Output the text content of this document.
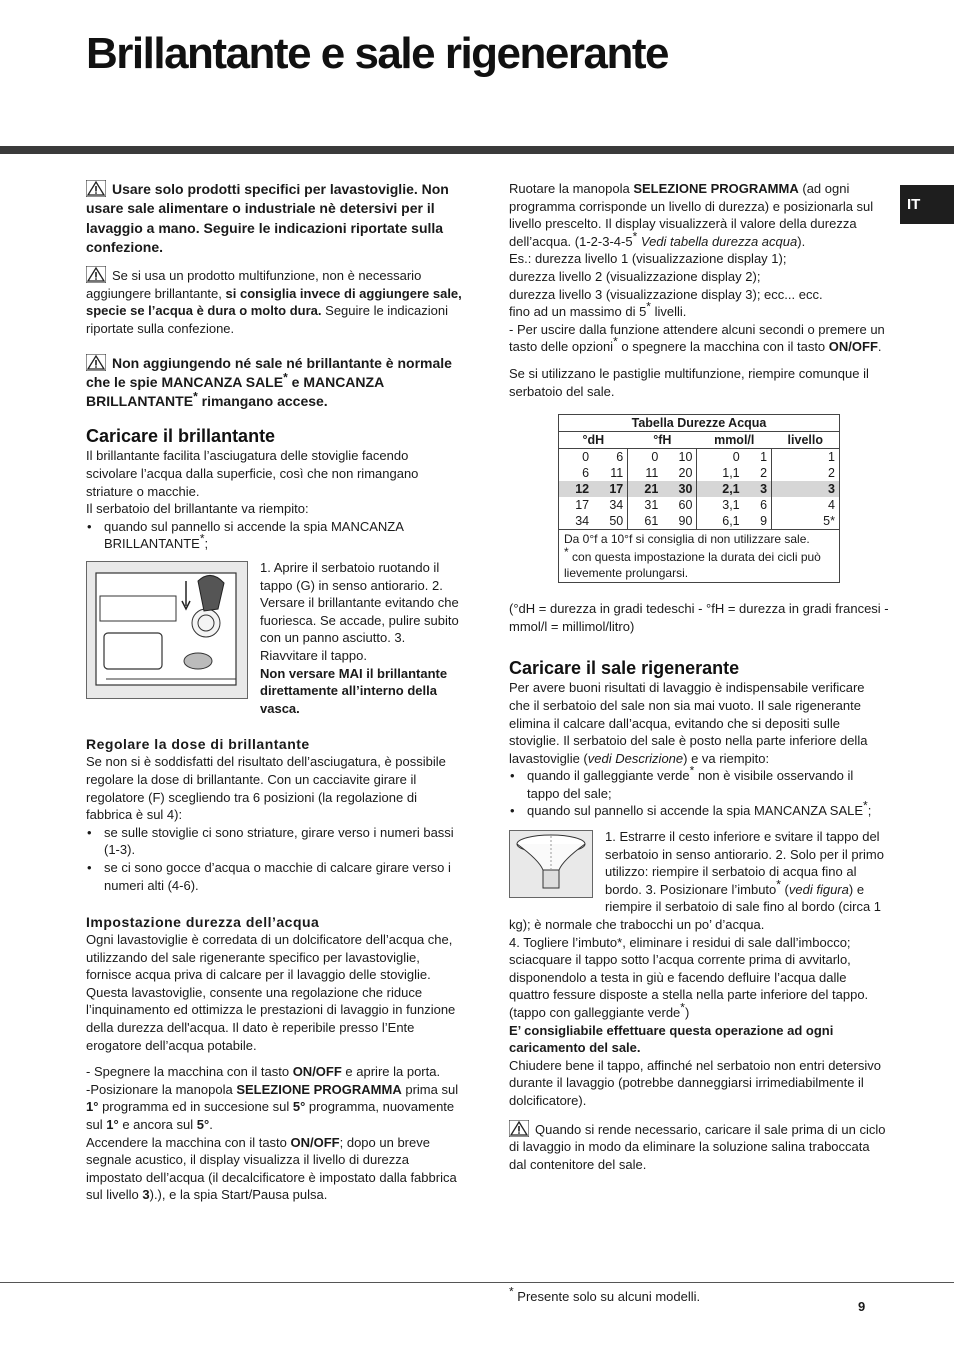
Brillantante e sale rigenerante
IT

Usare solo prodotti specifici per lavastoviglie. Non usare sale alimentare o industriale nè detersivi per il lavaggio a mano. Seguire le indicazioni riportate sulla confezione.

Se si usa un prodotto multifunzione, non è necessario aggiungere brillantante, si consiglia invece di aggiungere sale, specie se l’acqua è dura o molto dura. Seguire le indicazioni riportate sulla confezione.

Non aggiungendo né sale né brillantante è normale che le spie MANCANZA SALE* e MANCANZA BRILLANTANTE* rimangano accese.

Caricare il brillantante

Il brillantante facilita l’asciugatura delle stoviglie facendo scivolare l’acqua dalla superficie, così che non rimangano striature o macchie.

Il serbatoio del brillantante va riempito:

• quando sul pannello si accende la spia MANCANZA BRILLANTANTE*;

1. Aprire il serbatoio ruotando il tappo (G) in senso antiorario. 2. Versare il brillantante evitando che fuoriesca. Se accade, pulire subito con un panno asciutto. 3. Riavvitare il tappo.

Non versare MAI il brillantante direttamente all’interno della vasca.

Regolare la dose di brillantante

Se non si è soddisfatti del risultato dell’asciugatura, è possibile regolare la dose di brillantante. Con un cacciavite girare il regolatore (F) scegliendo tra 6 posizioni (la regolazione di fabbrica è sul 4):

• se sulle stoviglie ci sono striature, girare verso i numeri bassi (1-3).
• se ci sono gocce d’acqua o macchie di calcare girare verso i numeri alti (4-6).
Impostazione durezza dell’acqua

Ogni lavastoviglie è corredata di un dolcificatore dell’acqua che, utilizzando del sale rigenerante specifico per lavastoviglie, fornisce acqua priva di calcare per il lavaggio delle stoviglie.

Questa lavastoviglie, consente una regolazione che riduce l’inquinamento ed ottimizza le prestazioni di lavaggio in funzione della durezza dell'acqua. Il dato è reperibile presso l’Ente erogatore dell’acqua potabile.

- Spegnere la macchina con il tasto ON/OFF e aprire la porta.
-Posizionare la manopola SELEZIONE PROGRAMMA prima sul 1° programma ed in succesione sul 5° programma, nuovamente sul 1° e ancora sul 5°.

Accendere la macchina con il tasto ON/OFF; dopo un breve segnale acustico, il display visualizza il livello di durezza impostato dell’acqua (il decalcificatore è impostato dalla fabbrica sul livello 3).), e la spia Start/Pausa pulsa.

Ruotare la manopola SELEZIONE PROGRAMMA (ad ogni programma corrisponde un livello di durezza) e posizionarla sul livello prescelto. Il display visualizzerà il valore della durezza dell’acqua. (1-2-3-4-5* Vedi tabella durezza acqua).

Es.: durezza livello 1 (visualizzazione display 1);

durezza livello 2 (visualizzazione display 2);

durezza livello 3 (visualizzazione display 3); ecc... ecc.

fino ad un massimo di 5* livelli.

- Per uscire dalla funzione attendere alcuni secondi o premere un tasto delle opzioni* o spegnere la macchina con il tasto ON/OFF.

Se si utilizzano le pastiglie multifunzione, riempire comunque il serbatoio del sale.

Tabella Durezze Acqua						
°dH		°fH		mmol/l		livello
0	6	0	10	0	1	1
6	11	11	20	1,1	2	2
12	17	21	30	2,1	3	3
17	34	31	60	3,1	6	4
34	50	61	90	6,1	9	5*
Da 0°f a 10°f si consiglia di non utilizzare sale.						
* con questa impostazione la durata dei cicli può lievemente prolungarsi.						

(°dH = durezza in gradi tedeschi - °fH = durezza in gradi francesi - mmol/l = millimol/litro)

Caricare il sale rigenerante

Per avere buoni risultati di lavaggio è indispensabile verificare che il serbatoio del sale non sia mai vuoto. Il sale rigenerante elimina il calcare dall’acqua, evitando che si depositi sulle stoviglie. Il serbatoio del sale è posto nella parte inferiore della lavastoviglie (vedi Descrizione) e va riempito:

• quando il galleggiante verde* non è visibile osservando il tappo del sale;
• quando sul pannello si accende la spia MANCANZA SALE*;

1. Estrarre il cesto inferiore e svitare il tappo del serbatoio in senso antiorario. 2. Solo per il primo utilizzo: riempire il serbatoio di acqua fino al bordo. 3. Posizionare l’imbuto* (vedi figura) e riempire il serbatoio di sale fino al bordo (circa 1 kg); è normale che trabocchi un po’ d’acqua.

4. Togliere l’imbuto*, eliminare i residui di sale dall’imbocco; sciacquare il tappo sotto l’acqua corrente prima di avvitarlo, disponendolo a testa in giù e facendo defluire l’acqua dalle quattro fessure disposte a stella nella parte inferiore del tappo. (tappo con galleggiante verde*)

E’ consigliabile effettuare questa operazione ad ogni caricamento del sale.

Chiudere bene il tappo, affinché nel serbatoio non entri detersivo durante il lavaggio (potrebbe danneggiarsi irrimediabilmente il dolcificatore).

Quando si rende necessario, caricare il sale prima di un ciclo di lavaggio in modo da eliminare la soluzione salina traboccata dal contenitore del sale.

* Presente solo su alcuni modelli.
9
